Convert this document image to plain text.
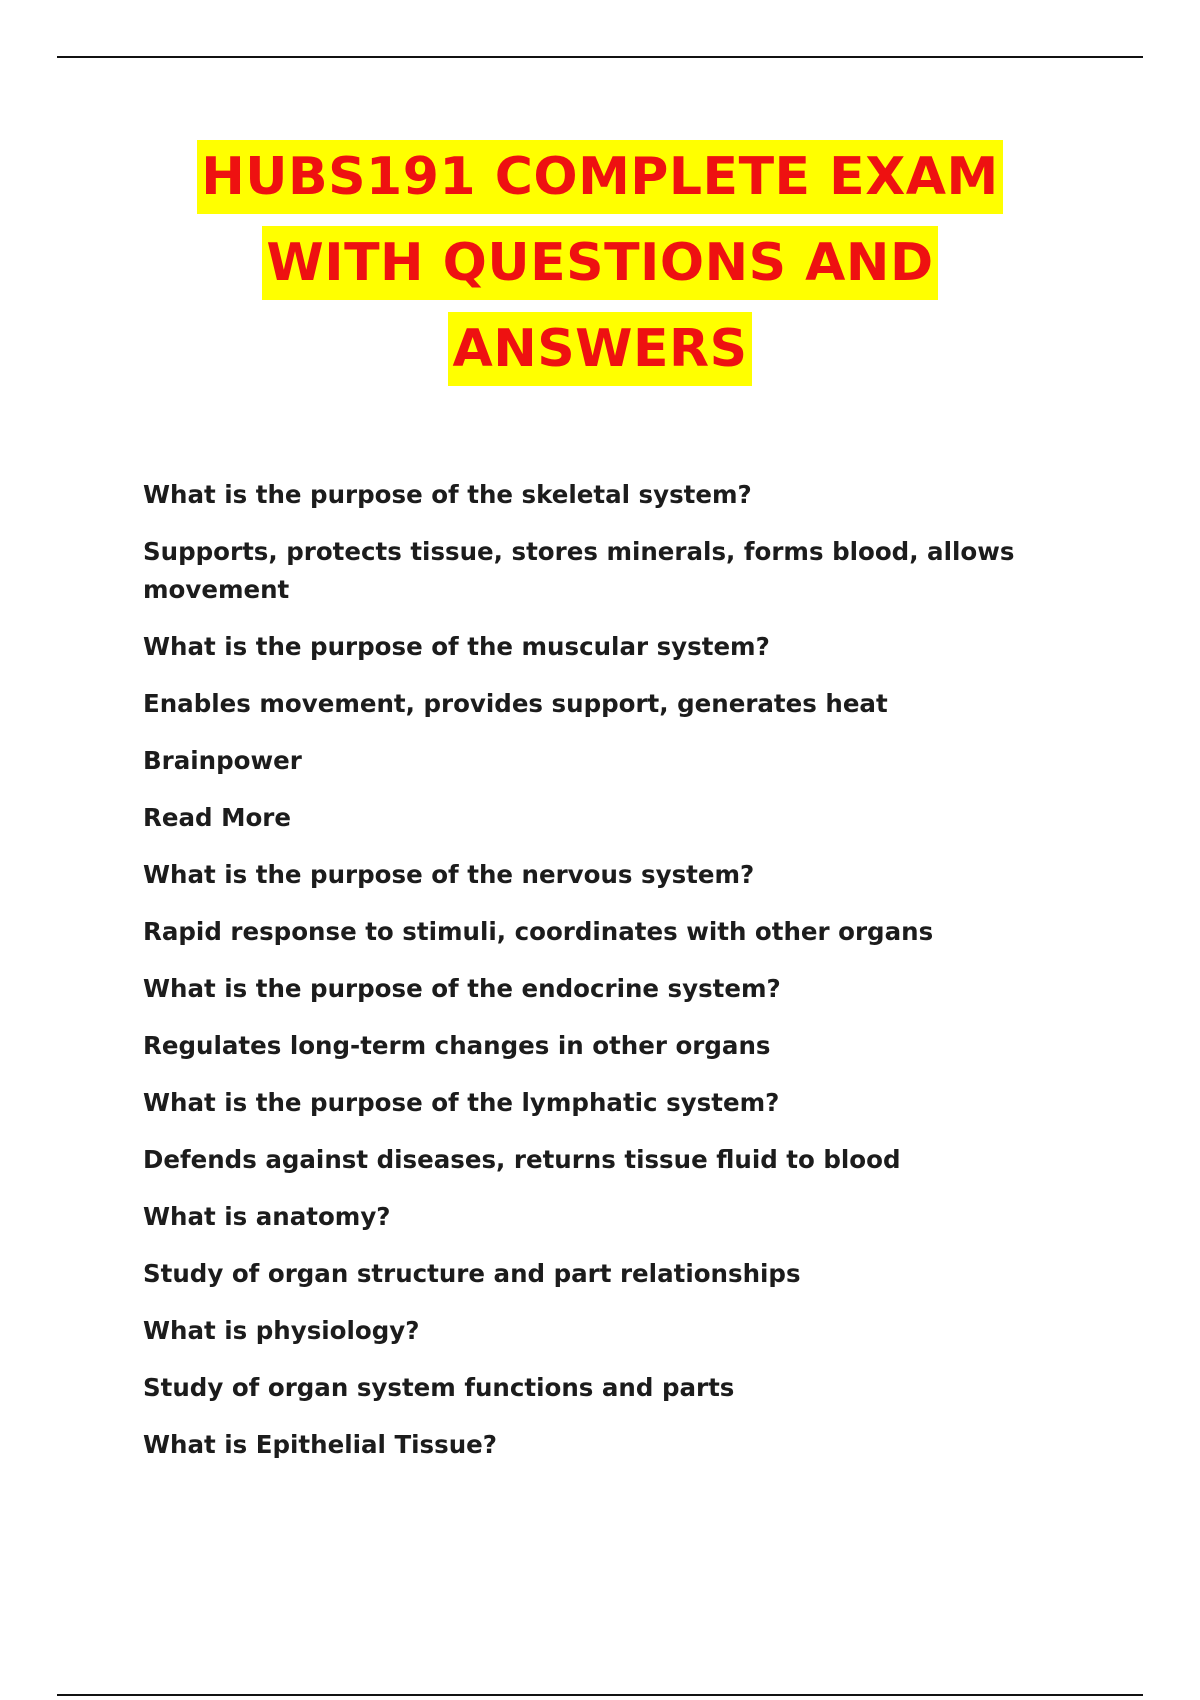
HUBS191 COMPLETE EXAM
WITH QUESTIONS AND
ANSWERS
What is the purpose of the skeletal system?
Supports, protects tissue, stores minerals, forms blood, allows movement
What is the purpose of the muscular system?
Enables movement, provides support, generates heat
Brainpower
Read More
What is the purpose of the nervous system?
Rapid response to stimuli, coordinates with other organs
What is the purpose of the endocrine system?
Regulates long-term changes in other organs
What is the purpose of the lymphatic system?
Defends against diseases, returns tissue fluid to blood
What is anatomy?
Study of organ structure and part relationships
What is physiology?
Study of organ system functions and parts
What is Epithelial Tissue?
